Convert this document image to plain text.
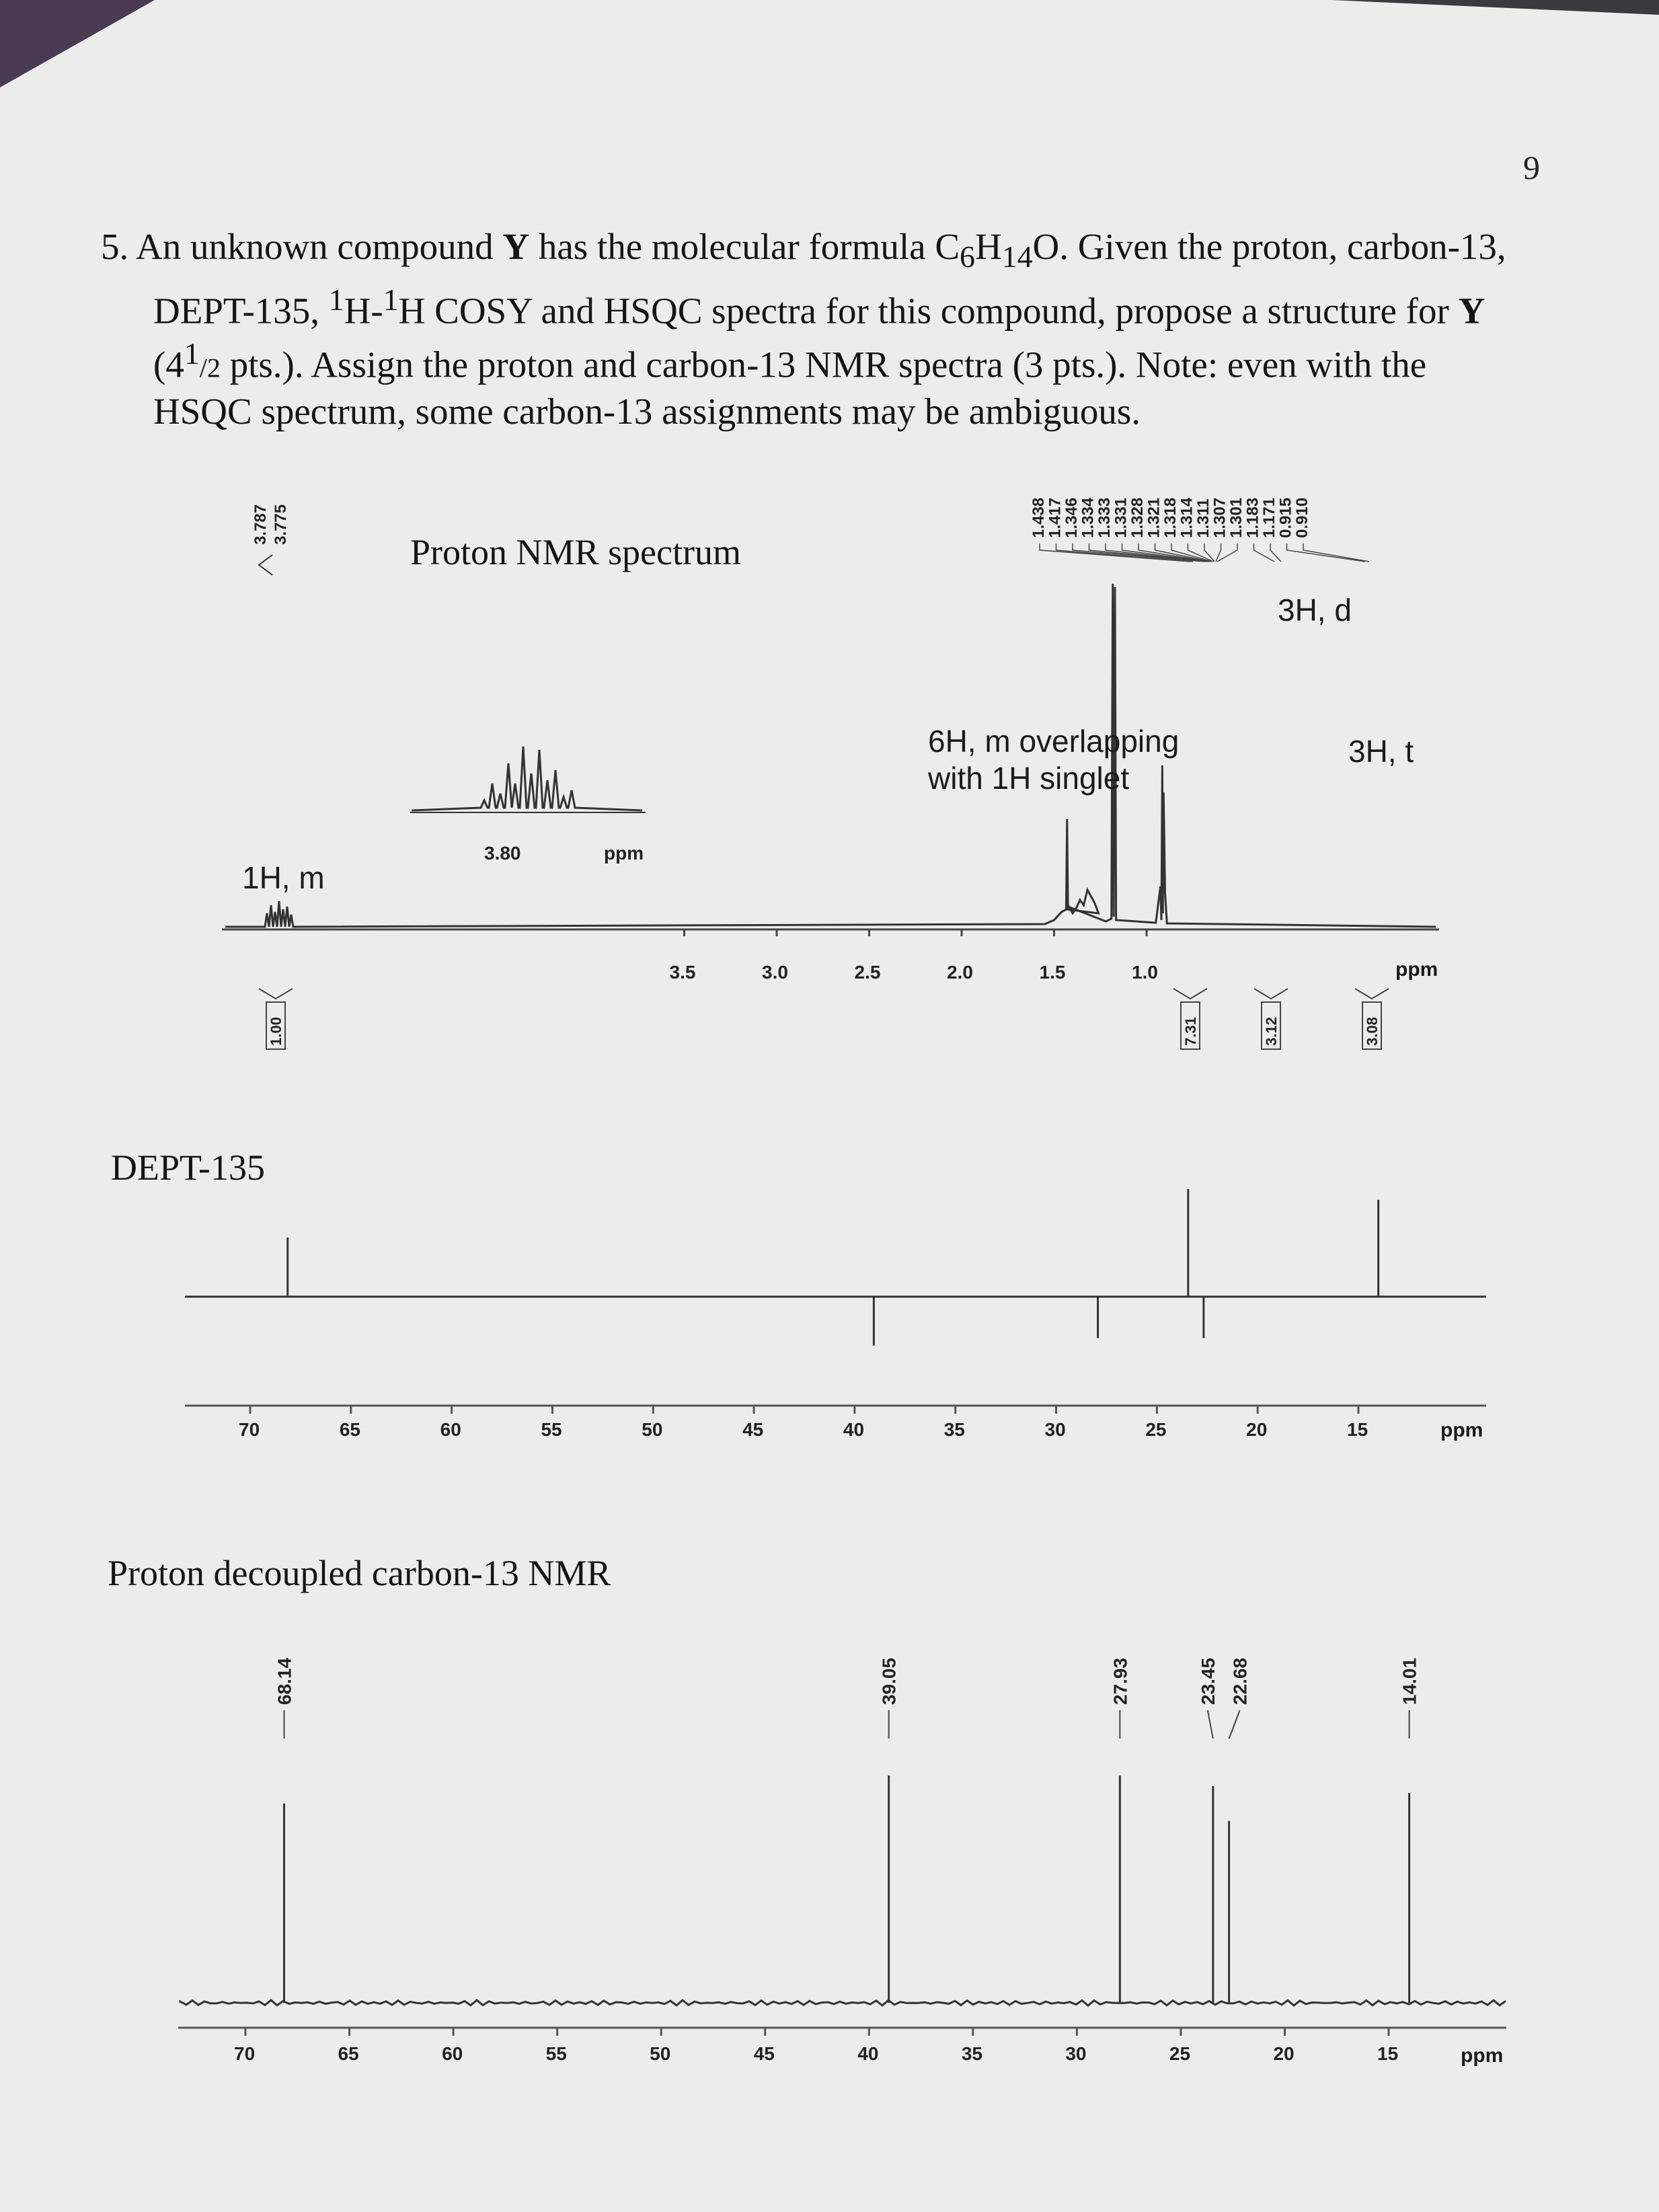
3.5	3.0	2.5	2.0	1.5	1.0
3.80	ppm
3.787 3.775	1.438
1.417
1.346
1.334
1.333
1.331
1.328
1.321
1.318
1.314
1.311
1.307
1.301
1.183
1.171
0.915
0.910
1.00	7.31	3.12	3.08
70	65	60	55	50	45	40	35	30	25	20	15
68.14	39.05	27.93	23.45 22.68	14.01
70	65	60	55	50	45	40	35	30	25	20	15
9

5. An unknown compound Y has the molecular formula $C_6H_{14}O$. Given the proton, carbon-13,

DEPT-135, $^1$H-$^1$H COSY and HSQC spectra for this compound, propose a structure for Y

($4^1/2$ pts.). Assign the proton and carbon-13 NMR spectra (3 pts.). Note: even with the

HSQC spectrum, some carbon-13 assignments may be ambiguous.

Proton NMR spectrum
1H, m
6H, m overlapping
with 1H singlet
3H, d
3H, t
ppm
DEPT-135
Proton decoupled carbon-13 NMR
ppm
ppm
